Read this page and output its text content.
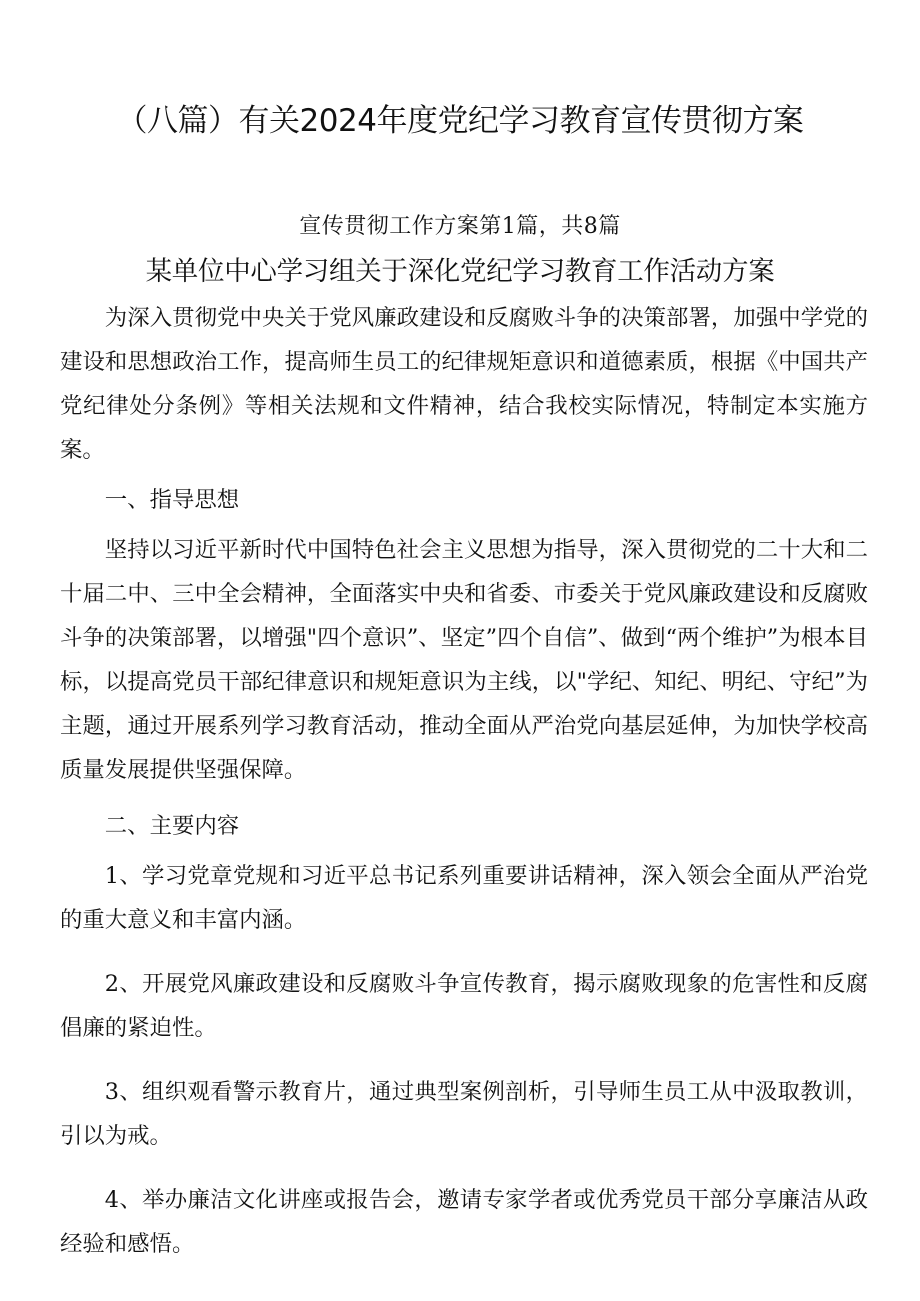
（八篇）有关2024年度党纪学习教育宣传贯彻方案
宣传贯彻工作方案第1篇，共8篇
某单位中心学习组关于深化党纪学习教育工作活动方案

为深入贯彻党中央关于党风廉政建设和反腐败斗争的决策部署，加强中学党的建设和思想政治工作，提高师生员工的纪律规矩意识和道德素质，根据《中国共产党纪律处分条例》等相关法规和文件精神，结合我校实际情况，特制定本实施方案。

一、指导思想

坚持以习近平新时代中国特色社会主义思想为指导，深入贯彻党的二十大和二十届二中、三中全会精神，全面落实中央和省委、市委关于党风廉政建设和反腐败斗争的决策部署，以增强"四个意识”、坚定”四个自信”、做到“两个维护”为根本目标，以提高党员干部纪律意识和规矩意识为主线，以"学纪、知纪、明纪、守纪”为主题，通过开展系列学习教育活动，推动全面从严治党向基层延伸，为加快学校高质量发展提供坚强保障。

二、主要内容

1、学习党章党规和习近平总书记系列重要讲话精神，深入领会全面从严治党的重大意义和丰富内涵。

2、开展党风廉政建设和反腐败斗争宣传教育，揭示腐败现象的危害性和反腐倡廉的紧迫性。

3、组织观看警示教育片，通过典型案例剖析，引导师生员工从中汲取教训，引以为戒。

4、举办廉洁文化讲座或报告会，邀请专家学者或优秀党员干部分享廉洁从政经验和感悟。
